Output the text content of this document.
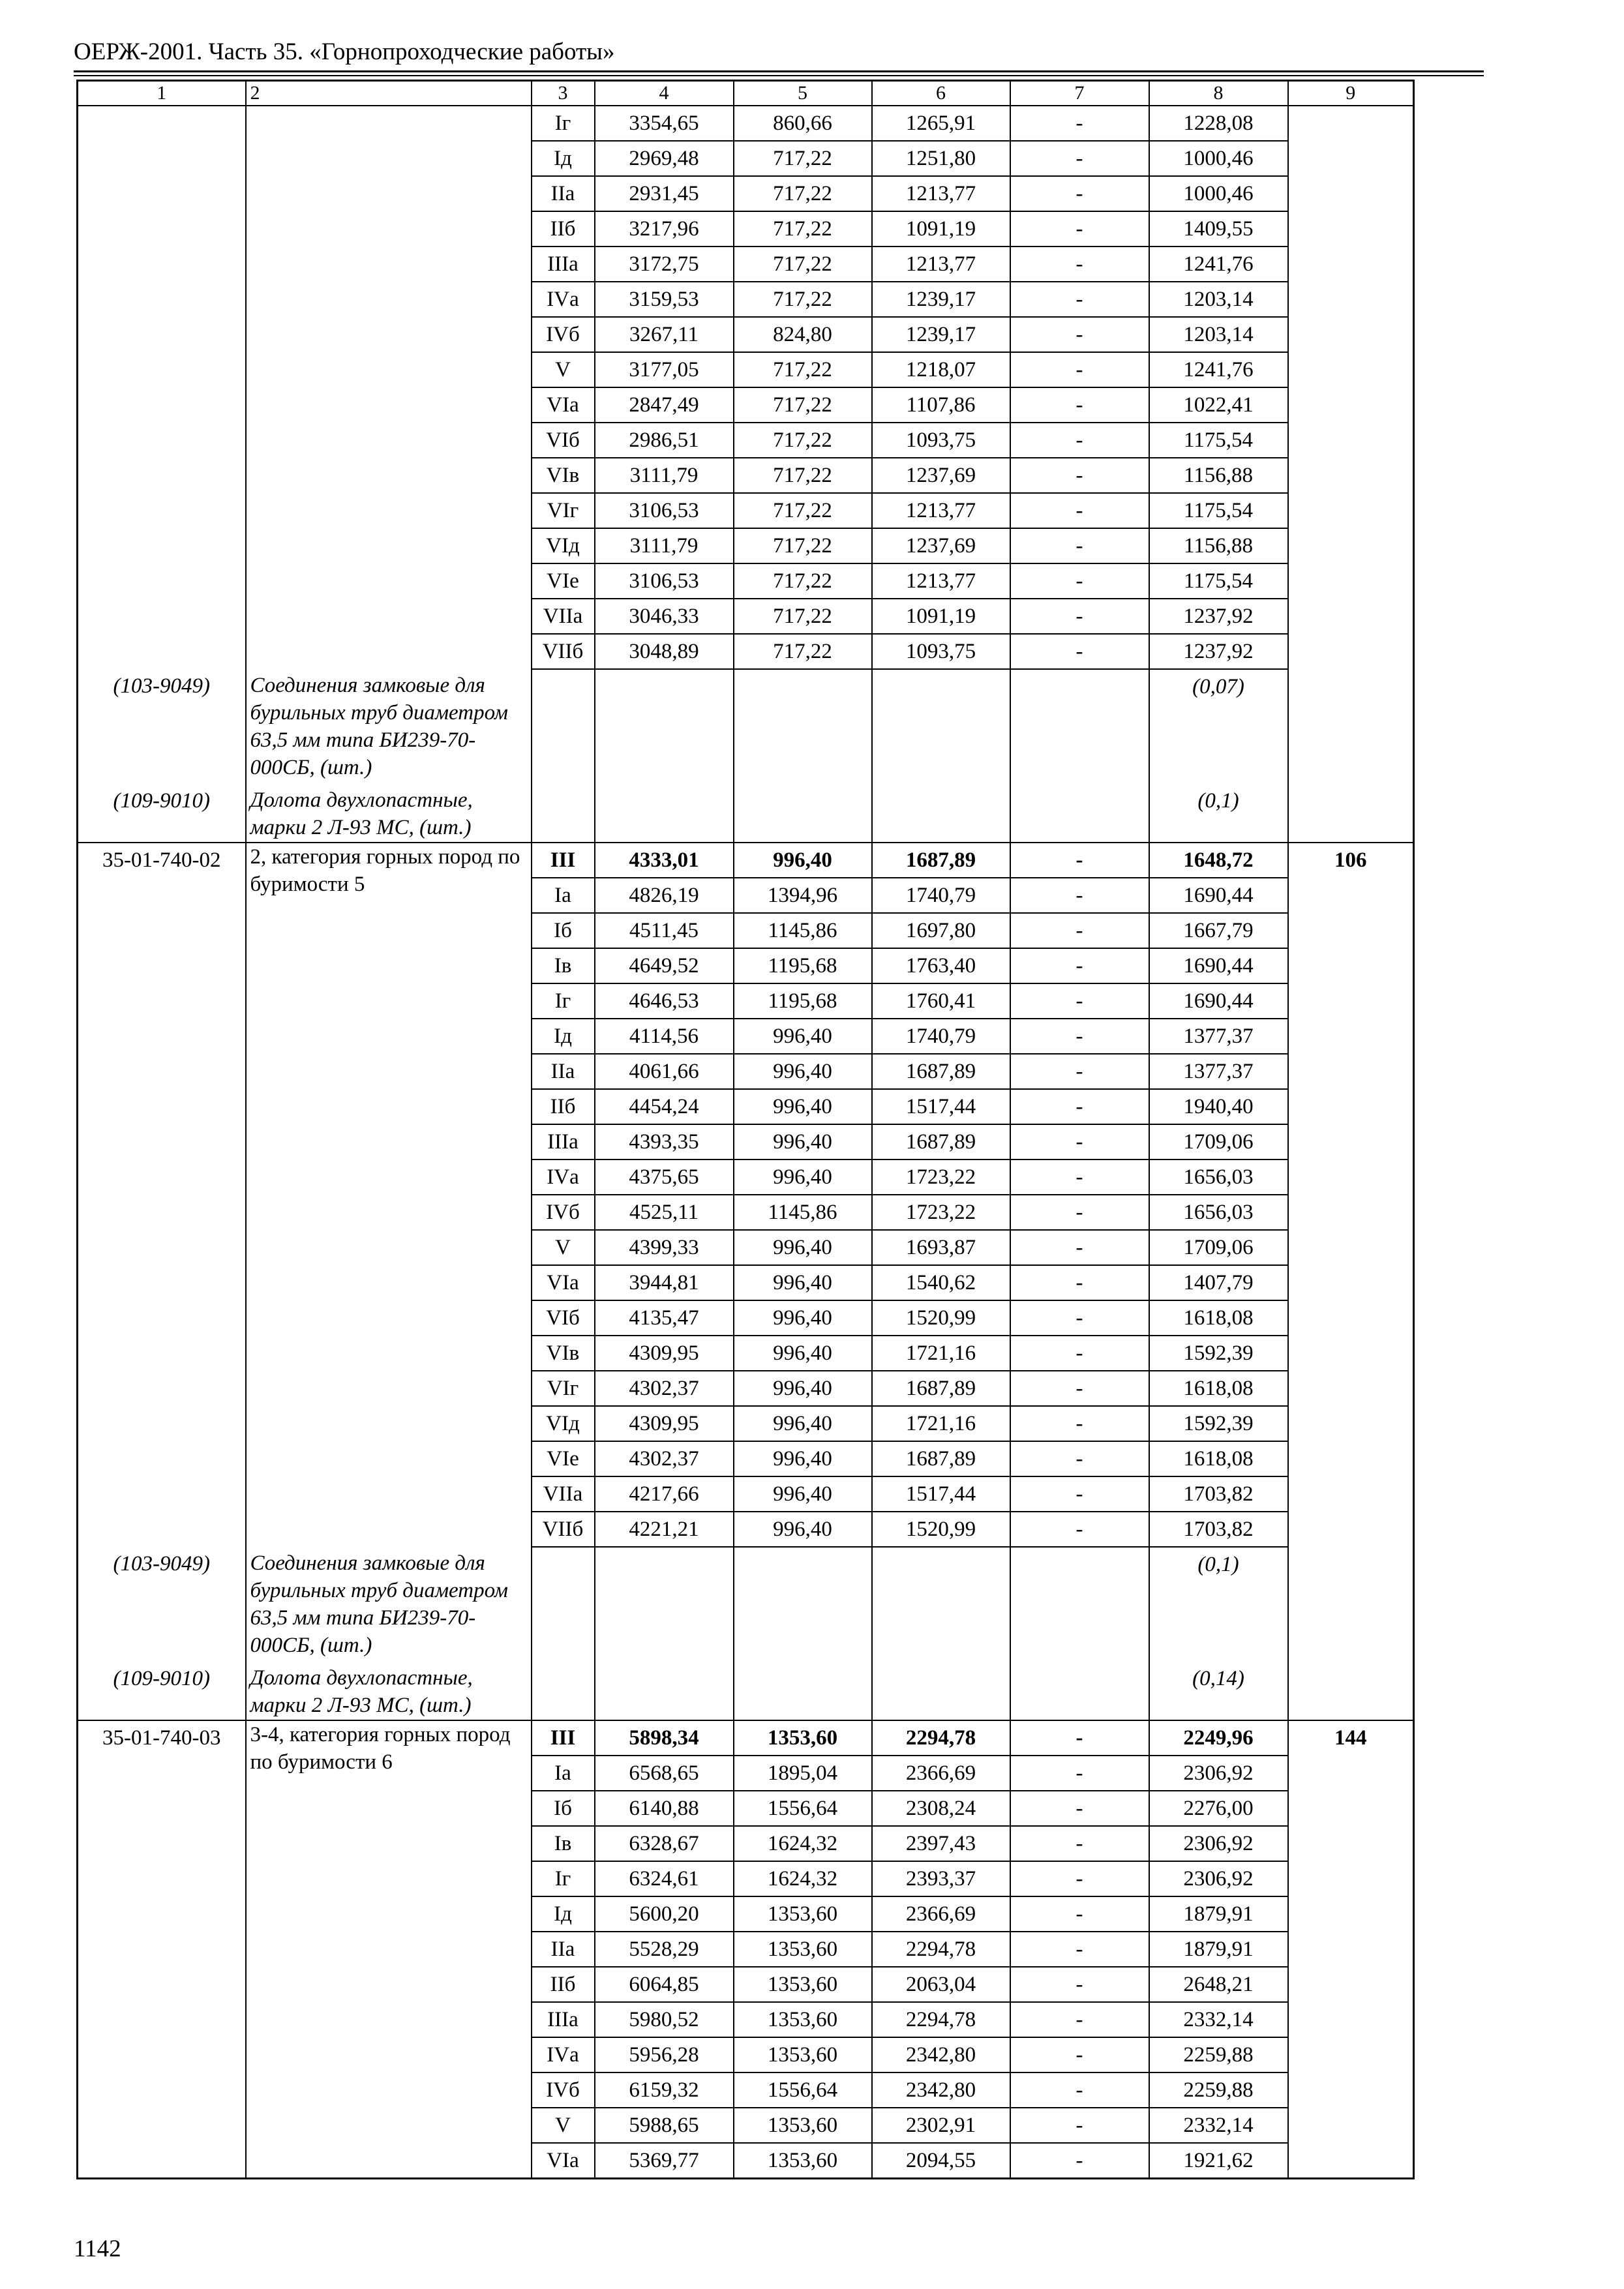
ОЕРЖ-2001. Часть 35. «Горнопроходческие работы»
1	2	3	4	5	6	7	8	9
		Iг	3354,65	860,66	1265,91	-	1228,08	
		Iд	2969,48	717,22	1251,80	-	1000,46	
		IIа	2931,45	717,22	1213,77	-	1000,46	
		IIб	3217,96	717,22	1091,19	-	1409,55	
		IIIа	3172,75	717,22	1213,77	-	1241,76	
		IVа	3159,53	717,22	1239,17	-	1203,14	
		IVб	3267,11	824,80	1239,17	-	1203,14	
		V	3177,05	717,22	1218,07	-	1241,76	
		VIа	2847,49	717,22	1107,86	-	1022,41	
		VIб	2986,51	717,22	1093,75	-	1175,54	
		VIв	3111,79	717,22	1237,69	-	1156,88	
		VIг	3106,53	717,22	1213,77	-	1175,54	
		VIд	3111,79	717,22	1237,69	-	1156,88	
		VIе	3106,53	717,22	1213,77	-	1175,54	
		VIIа	3046,33	717,22	1091,19	-	1237,92	
		VIIб	3048,89	717,22	1093,75	-	1237,92	
(103-9049)	Соединения замковые для бурильных труб диаметром 63,5 мм типа БИ239-70-000СБ, (шт.)						(0,07)	
(109-9010)	Долота двухлопастные, марки 2 Л-93 МС, (шт.)						(0,1)	
35-01-740-02	2, категория горных пород по буримости 5	III	4333,01	996,40	1687,89	-	1648,72	106
		Iа	4826,19	1394,96	1740,79	-	1690,44	
		Iб	4511,45	1145,86	1697,80	-	1667,79	
		Iв	4649,52	1195,68	1763,40	-	1690,44	
		Iг	4646,53	1195,68	1760,41	-	1690,44	
		Iд	4114,56	996,40	1740,79	-	1377,37	
		IIа	4061,66	996,40	1687,89	-	1377,37	
		IIб	4454,24	996,40	1517,44	-	1940,40	
		IIIа	4393,35	996,40	1687,89	-	1709,06	
		IVа	4375,65	996,40	1723,22	-	1656,03	
		IVб	4525,11	1145,86	1723,22	-	1656,03	
		V	4399,33	996,40	1693,87	-	1709,06	
		VIа	3944,81	996,40	1540,62	-	1407,79	
		VIб	4135,47	996,40	1520,99	-	1618,08	
		VIв	4309,95	996,40	1721,16	-	1592,39	
		VIг	4302,37	996,40	1687,89	-	1618,08	
		VIд	4309,95	996,40	1721,16	-	1592,39	
		VIе	4302,37	996,40	1687,89	-	1618,08	
		VIIа	4217,66	996,40	1517,44	-	1703,82	
		VIIб	4221,21	996,40	1520,99	-	1703,82	
(103-9049)	Соединения замковые для бурильных труб диаметром 63,5 мм типа БИ239-70-000СБ, (шт.)						(0,1)	
(109-9010)	Долота двухлопастные, марки 2 Л-93 МС, (шт.)						(0,14)	
35-01-740-03	3-4, категория горных пород по буримости 6	III	5898,34	1353,60	2294,78	-	2249,96	144
		Iа	6568,65	1895,04	2366,69	-	2306,92	
		Iб	6140,88	1556,64	2308,24	-	2276,00	
		Iв	6328,67	1624,32	2397,43	-	2306,92	
		Iг	6324,61	1624,32	2393,37	-	2306,92	
		Iд	5600,20	1353,60	2366,69	-	1879,91	
		IIа	5528,29	1353,60	2294,78	-	1879,91	
		IIб	6064,85	1353,60	2063,04	-	2648,21	
		IIIа	5980,52	1353,60	2294,78	-	2332,14	
		IVа	5956,28	1353,60	2342,80	-	2259,88	
		IVб	6159,32	1556,64	2342,80	-	2259,88	
		V	5988,65	1353,60	2302,91	-	2332,14	
		VIа	5369,77	1353,60	2094,55	-	1921,62	
1142
